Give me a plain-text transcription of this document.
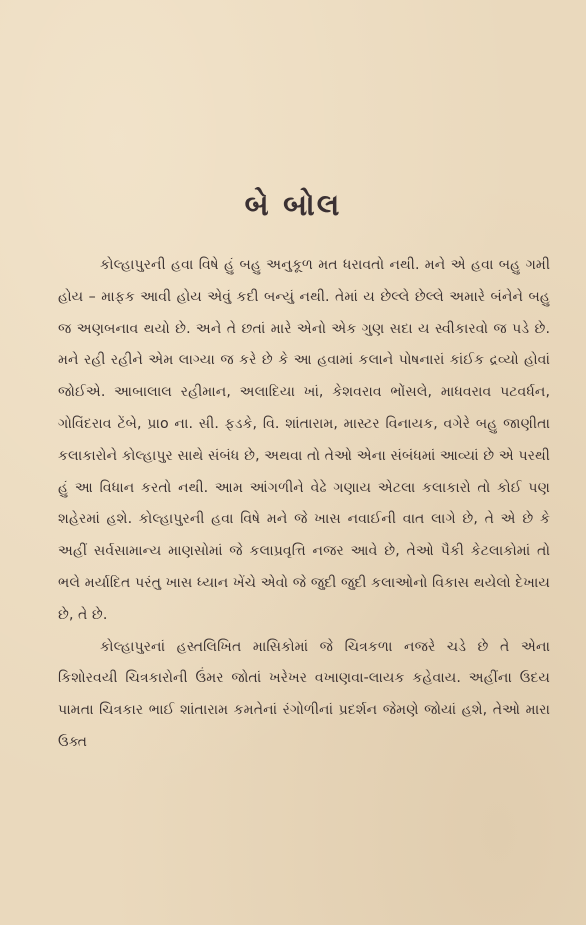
બે બોલ

કોલ્હાપુરની હવા વિષે હું બહુ અનુકૂળ મત ધરાવતો નથી. મને એ હવા બહુ ગમી હોય – માફક આવી હોય એવું કદી બન્યું નથી. તેમાં ય છેલ્લે છેલ્લે અમારે બંનેને બહુ જ અણબનાવ થયો છે. અને તે છતાં મારે એનો એક ગુણ સદા ય સ્વીકારવો જ પડે છે. મને રહી રહીને એમ લાગ્યા જ કરે છે કે આ હવામાં કલાને પોષનારાં કાંઈક દ્રવ્યો હોવાં જોઈએ. આબાલાલ રહીમાન, અલાદિયા ખાં, કેશવરાવ ભોંસલે, માધવરાવ પટવર્ધન, ગોવિંદરાવ ટેંબે, પ્રાo ના. સી. ફડકે, વિ. શાંતારામ, માસ્ટર વિનાયક, વગેરે બહુ જાણીતા કલાકારોને કોલ્હાપુર સાથે સંબંધ છે, અથવા તો તેઓ એના સંબંધમાં આવ્યાં છે એ પરથી હું આ વિધાન કરતો નથી. આમ આંગળીને વેઢે ગણાય એટલા કલાકારો તો કોઈ પણ શહેરમાં હશે. કોલ્હાપુરની હવા વિષે મને જે ખાસ નવાઈની વાત લાગે છે, તે એ છે કે અહીં સર્વસામાન્ય માણસોમાં જે કલાપ્રવૃત્તિ નજર આવે છે, તેઓ પૈકી કેટલાકોમાં તો ભલે મર્યાદિત પરંતુ ખાસ ધ્યાન ખેંચે એવો જે જુદી જુદી કલાઓનો વિકાસ થયેલો દેખાય છે, તે છે.

કોલ્હાપુરનાં હસ્તલિખિત માસિકોમાં જે ચિત્રકળા નજરે ચડે છે તે એના કિશોરવયી ચિત્રકારોની ઉંમર જોતાં ખરેખર વખાણવા-લાયક કહેવાય. અહીંના ઉદય પામતા ચિત્રકાર ભાઈ શાંતારામ કમતેનાં રંગોળીનાં પ્રદર્શન જેમણે જોયાં હશે, તેઓ મારા ઉક્ત
